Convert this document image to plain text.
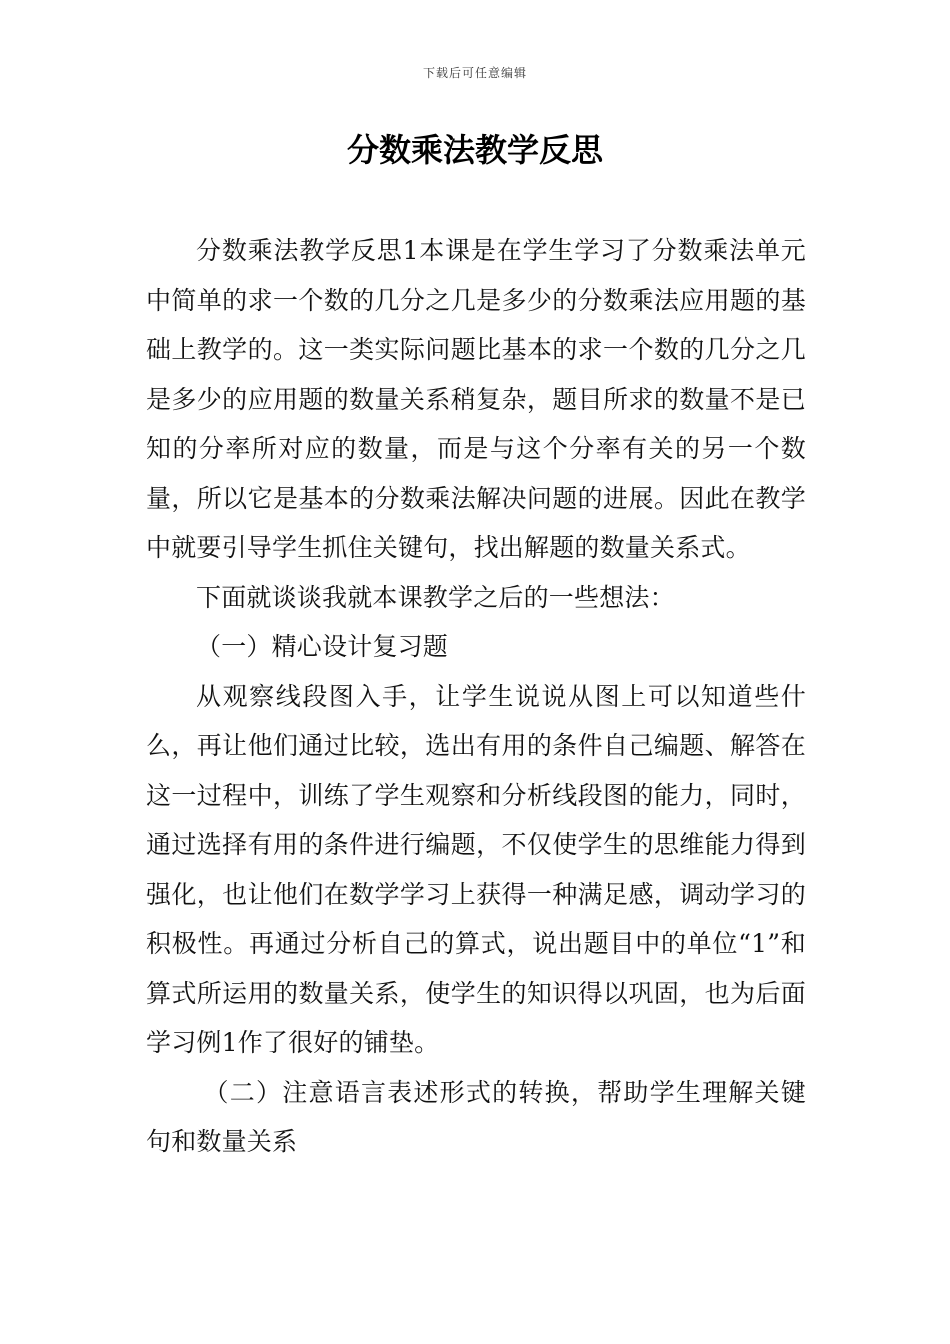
下载后可任意编辑
分数乘法教学反思

分数乘法教学反思1本课是在学生学习了分数乘法单元中简单的求一个数的几分之几是多少的分数乘法应用题的基础上教学的。这一类实际问题比基本的求一个数的几分之几是多少的应用题的数量关系稍复杂，题目所求的数量不是已知的分率所对应的数量，而是与这个分率有关的另一个数量，所以它是基本的分数乘法解决问题的进展。因此在教学中就要引导学生抓住关键句，找出解题的数量关系式。

下面就谈谈我就本课教学之后的一些想法：

（一）精心设计复习题

从观察线段图入手，让学生说说从图上可以知道些什么，再让他们通过比较，选出有用的条件自己编题、解答在这一过程中，训练了学生观察和分析线段图的能力，同时，通过选择有用的条件进行编题，不仅使学生的思维能力得到强化，也让他们在数学学习上获得一种满足感，调动学习的积极性。再通过分析自己的算式，说出题目中的单位“1”和算式所运用的数量关系，使学生的知识得以巩固，也为后面学习例1作了很好的铺垫。

（二）注意语言表述形式的转换，帮助学生理解关键句和数量关系
